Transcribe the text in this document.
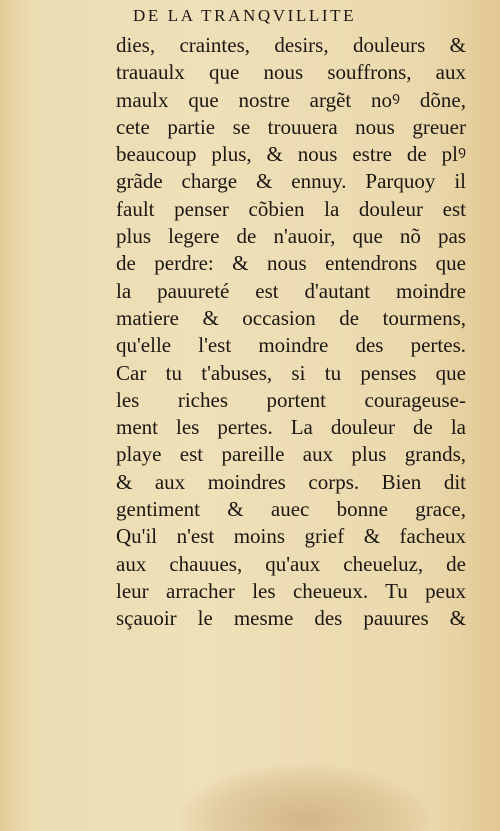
DE LA TRANQVILLITE
dies, craintes, desirs, douleurs &
trauaulx que nous souffrons, aux
maulx que nostre argẽt noꝰ dõne,
cete partie se trouuera nous greuer
beaucoup plus, & nous estre de plꝰ
grãde charge & ennuy. Parquoy il
fault penser cõbien la douleur est
plus legere de n'auoir, que nõ pas
de perdre: & nous entendrons que
la pauureté est d'autant moindre
matiere & occasion de tourmens,
qu'elle l'est moindre des pertes.
Car tu t'abuses, si tu penses que
les riches portent courageuse-
ment les pertes. La douleur de la
playe est pareille aux plus grands,
& aux moindres corps. Bien dit
gentiment & auec bonne grace,
Qu'il n'est moins grief & facheux
aux chauues, qu'aux cheueluz, de
leur arracher les cheueux. Tu peux
sçauoir le mesme des pauures &
